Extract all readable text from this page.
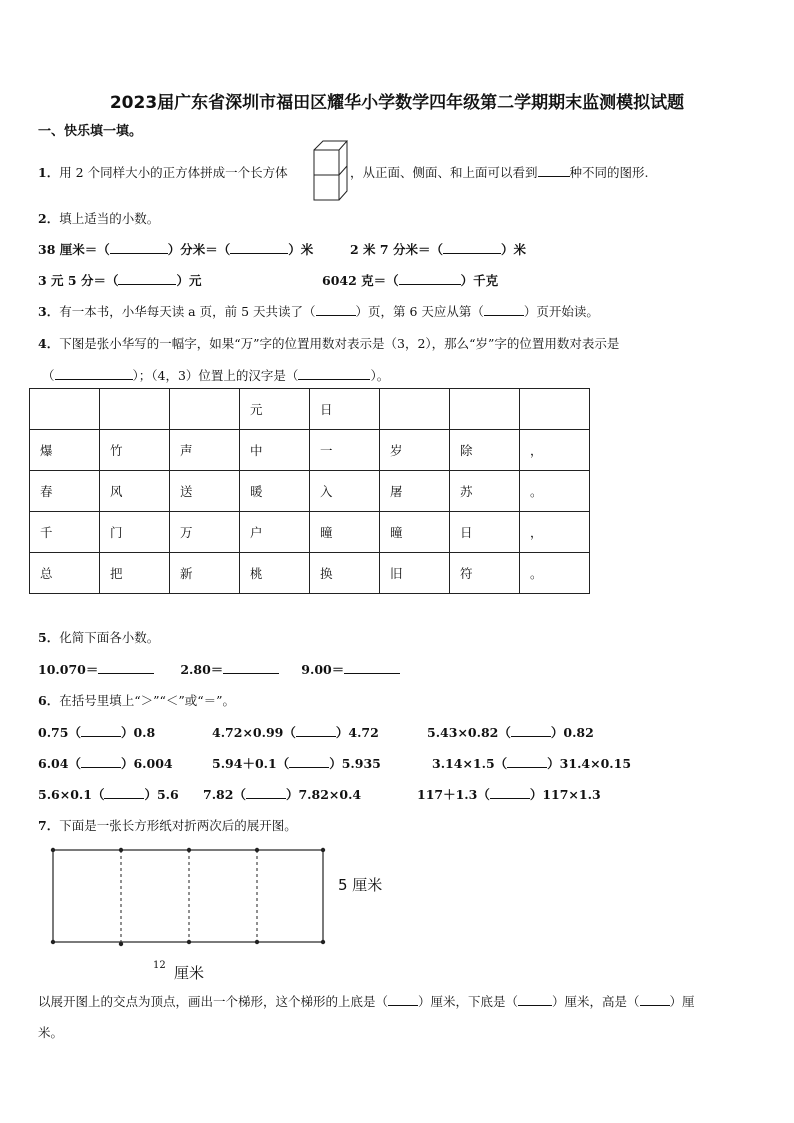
2023届广东省深圳市福田区耀华小学数学四年级第二学期期末监测模拟试题
一、快乐填一填。
1．用 2 个同样大小的正方体拼成一个长方体	，从正面、侧面、和上面可以看到	种不同的图形.
2．填上适当的小数。
38 厘米＝（	）分米＝（	）米	2 米 7 分米＝（	）米
3 元 5 分＝（	）元	6042 克＝（	）千克
3．有一本书，小华每天读 a 页，前 5 天共读了（	）页，第 6 天应从第（	）页开始读。
4．下图是张小华写的一幅字，如果“万”字的位置用数对表示是（3，2），那么“岁”字的位置用数对表示是
（	）；（4，3）位置上的汉字是（	）。
			元	日			
爆	竹	声	中	一	岁	除	，
春	风	送	暖	入	屠	苏	。
千	门	万	户	曈	曈	日	，
总	把	新	桃	换	旧	符	。
5．化简下面各小数。
10.070＝	2.80＝	9.00＝
6．在括号里填上“＞”“＜”或“＝”。
0.75（	）0.8	4.72×0.99（	）4.72	5.43×0.82（	）0.82
6.04（	）6.004	5.94＋0.1（	）5.935	3.14×1.5（	）31.4×0.15
5.6×0.1（	）5.6 7.82（	）7.82×0.4	117＋1.3（	）117×1.3
7．下面是一张长方形纸对折两次后的展开图。
5 厘米
12 厘米
以展开图上的交点为顶点，画出一个梯形，这个梯形的上底是（ ）厘米，下底是（	）厘米，高是（ ）厘
米。
